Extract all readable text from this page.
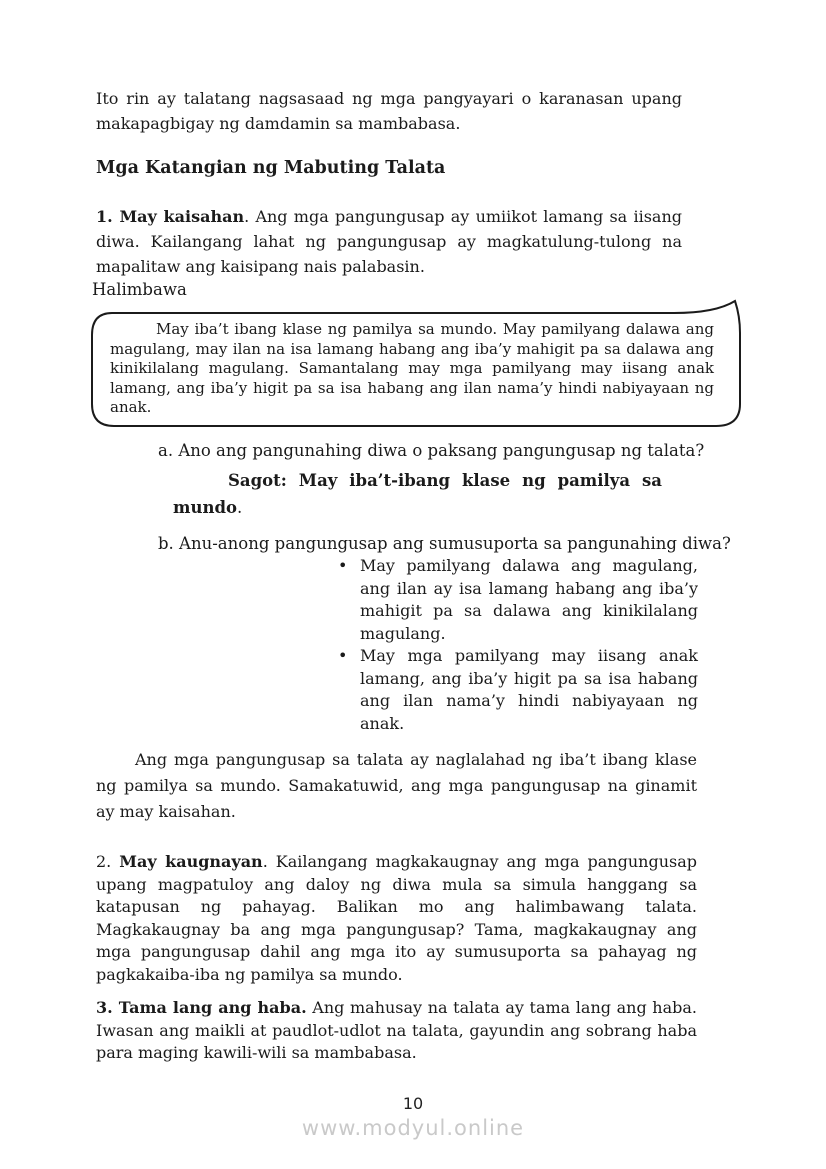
Ito rin ay talatang nagsasaad ng mga pangyayari o karanasan upang makapagbigay ng damdamin sa mambabasa.
Mga Katangian ng Mabuting Talata
1. May kaisahan. Ang mga pangungusap ay umiikot lamang sa iisang diwa. Kailangang lahat ng pangungusap ay magkatulung-tulong na mapalitaw ang kaisipang nais palabasin.
Halimbawa
May iba’t ibang klase ng pamilya sa mundo. May pamilyang dalawa ang magulang, may ilan na isa lamang habang ang iba’y mahigit pa sa dalawa ang kinikilalang magulang. Samantalang may mga pamilyang may iisang anak lamang, ang iba’y higit pa sa isa habang ang ilan nama’y hindi nabiyayaan ng anak.
a. Ano ang pangunahing diwa o paksang pangungusap ng talata?
Sagot: May iba’t-ibang klase ng pamilya sa mundo.
b. Anu-anong pangungusap ang sumusuporta sa pangunahing diwa?
• May pamilyang dalawa ang magulang, ang ilan ay isa lamang habang ang iba’y mahigit pa sa dalawa ang kinikilalang magulang.
• May mga pamilyang may iisang anak lamang, ang iba’y higit pa sa isa habang ang ilan nama’y hindi nabiyayaan ng anak.
Ang mga pangungusap sa talata ay naglalahad ng iba’t ibang klase ng pamilya sa mundo. Samakatuwid, ang mga pangungusap na ginamit ay may kaisahan.
2. May kaugnayan. Kailangang magkakaugnay ang mga pangungusap upang magpatuloy ang daloy ng diwa mula sa simula hanggang sa katapusan ng pahayag. Balikan mo ang halimbawang talata. Magkakaugnay ba ang mga pangungusap? Tama, magkakaugnay ang mga pangungusap dahil ang mga ito ay sumusuporta sa pahayag ng pagkakaiba-iba ng pamilya sa mundo.
3. Tama lang ang haba. Ang mahusay na talata ay tama lang ang haba. Iwasan ang maikli at paudlot-udlot na talata, gayundin ang sobrang haba para maging kawili-wili sa mambabasa.
10
www.modyul.online
